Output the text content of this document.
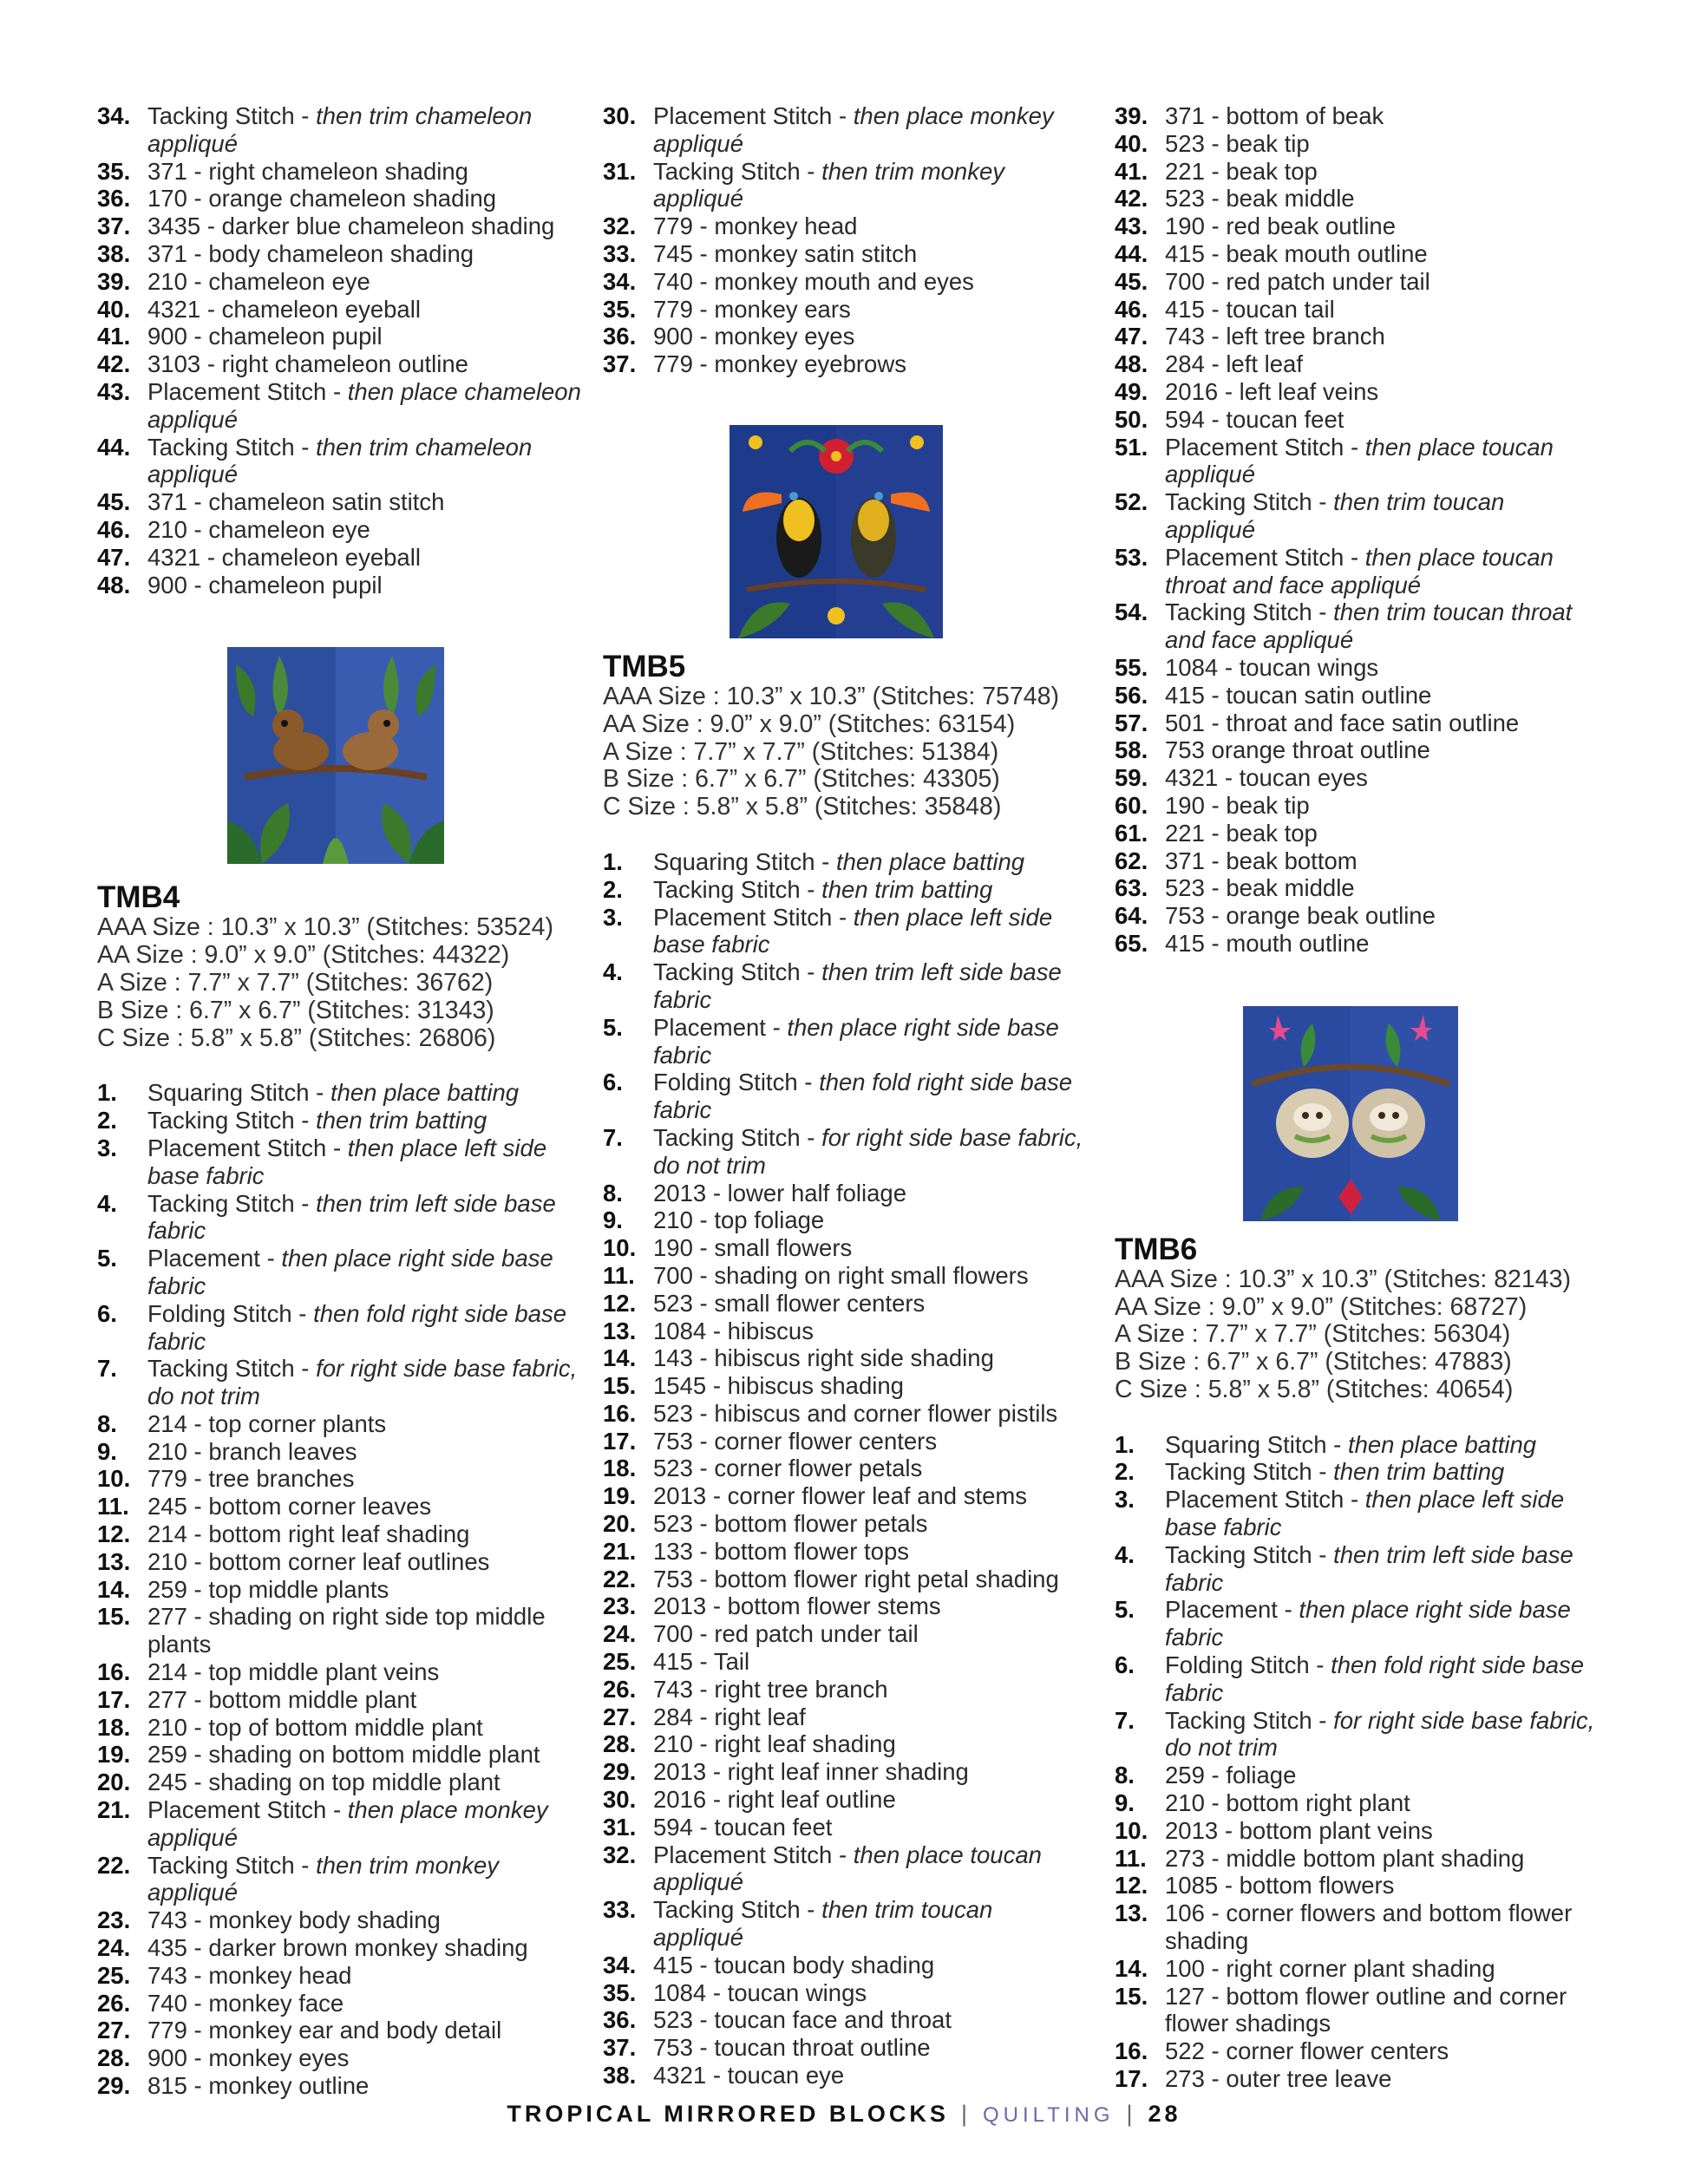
34. Tacking Stitch - then trim chameleon appliqué
35. 371 - right chameleon shading
36. 170 - orange chameleon shading
37. 3435 - darker blue chameleon shading
38. 371 - body chameleon shading
39. 210 - chameleon eye
40. 4321 - chameleon eyeball
41. 900 - chameleon pupil
42. 3103 - right chameleon outline
43. Placement Stitch - then place chameleon appliqué
44. Tacking Stitch - then trim chameleon appliqué
45. 371 - chameleon satin stitch
46. 210 - chameleon eye
47. 4321 - chameleon eyeball
48. 900 - chameleon pupil
TMB4
AAA Size : 10.3” x 10.3” (Stitches: 53524)
AA Size : 9.0” x 9.0” (Stitches: 44322)
A Size : 7.7” x 7.7” (Stitches: 36762)
B Size : 6.7” x 6.7” (Stitches: 31343)
C Size : 5.8” x 5.8” (Stitches: 26806)
1.	Squaring Stitch - then place batting
2.	Tacking Stitch - then trim batting
3.	Placement Stitch - then place left side base fabric
4.	Tacking Stitch - then trim left side base fabric
5.	Placement - then place right side base fabric
6.	Folding Stitch - then fold right side base fabric
7.	Tacking Stitch - for right side base fabric, do not trim
8.	214 - top corner plants
9.	210 - branch leaves
10. 779 - tree branches
11. 245 - bottom corner leaves
12. 214 - bottom right leaf shading
13. 210 - bottom corner leaf outlines
14. 259 - top middle plants
15. 277 - shading on right side top middle plants
16. 214 - top middle plant veins
17. 277 - bottom middle plant
18. 210 - top of bottom middle plant
19. 259 - shading on bottom middle plant
20. 245 - shading on top middle plant
21. Placement Stitch - then place monkey appliqué
22. Tacking Stitch - then trim monkey appliqué
23. 743 - monkey body shading
24. 435 - darker brown monkey shading
25. 743 - monkey head
26. 740 - monkey face
27. 779 - monkey ear and body detail
28. 900 - monkey eyes
29. 815 - monkey outline
30. Placement Stitch - then place monkey appliqué
31. Tacking Stitch - then trim monkey appliqué
32. 779 - monkey head
33. 745 - monkey satin stitch
34. 740 - monkey mouth and eyes
35. 779 - monkey ears
36. 900 - monkey eyes
37. 779 - monkey eyebrows
TMB5
AAA Size : 10.3” x 10.3” (Stitches: 75748)
AA Size : 9.0” x 9.0” (Stitches: 63154)
A Size : 7.7” x 7.7” (Stitches: 51384)
B Size : 6.7” x 6.7” (Stitches: 43305)
C Size : 5.8” x 5.8” (Stitches: 35848)
1.	Squaring Stitch - then place batting
2.	Tacking Stitch - then trim batting
3.	Placement Stitch - then place left side base fabric
4.	Tacking Stitch - then trim left side base fabric
5.	Placement - then place right side base fabric
6.	Folding Stitch - then fold right side base fabric
7.	Tacking Stitch - for right side base fabric, do not trim
8.	2013 - lower half foliage
9.	210 - top foliage
10. 190 - small flowers
11. 700 - shading on right small flowers
12. 523 - small flower centers
13. 1084 - hibiscus
14. 143 - hibiscus right side shading
15. 1545 - hibiscus shading
16. 523 - hibiscus and corner flower pistils
17. 753 - corner flower centers
18. 523 - corner flower petals
19. 2013 - corner flower leaf and stems
20. 523 - bottom flower petals
21. 133 - bottom flower tops
22. 753 - bottom flower right petal shading
23. 2013 - bottom flower stems
24. 700 - red patch under tail
25. 415 - Tail
26. 743 - right tree branch
27. 284 - right leaf
28. 210 - right leaf shading
29. 2013 - right leaf inner shading
30. 2016 - right leaf outline
31. 594 - toucan feet
32. Placement Stitch - then place toucan appliqué
33. Tacking Stitch - then trim toucan appliqué
34. 415 - toucan body shading
35. 1084 - toucan wings
36. 523 - toucan face and throat
37. 753 - toucan throat outline
38. 4321 - toucan eye
39. 371 - bottom of beak
40. 523 - beak tip
41. 221 - beak top
42. 523 - beak middle
43. 190 - red beak outline
44. 415 - beak mouth outline
45. 700 - red patch under tail
46. 415 - toucan tail
47. 743 - left tree branch
48. 284 - left leaf
49. 2016 - left leaf veins
50. 594 - toucan feet
51. Placement Stitch - then place toucan appliqué
52. Tacking Stitch - then trim toucan appliqué
53. Placement Stitch - then place toucan throat and face appliqué
54. Tacking Stitch - then trim toucan throat and face appliqué
55. 1084 - toucan wings
56. 415 - toucan satin outline
57. 501 - throat and face satin outline
58. 753 orange throat outline
59. 4321 - toucan eyes
60. 190 - beak tip
61. 221 - beak top
62. 371 - beak bottom
63. 523 - beak middle
64. 753 - orange beak outline
65. 415 - mouth outline
TMB6
AAA Size : 10.3” x 10.3” (Stitches: 82143)
AA Size : 9.0” x 9.0” (Stitches: 68727)
A Size : 7.7” x 7.7” (Stitches: 56304)
B Size : 6.7” x 6.7” (Stitches: 47883)
C Size : 5.8” x 5.8” (Stitches: 40654)
1.	Squaring Stitch - then place batting
2.	Tacking Stitch - then trim batting
3.	Placement Stitch - then place left side base fabric
4.	Tacking Stitch - then trim left side base fabric
5.	Placement - then place right side base fabric
6.	Folding Stitch - then fold right side base fabric
7.	Tacking Stitch - for right side base fabric, do not trim
8.	259 - foliage
9.	210 - bottom right plant
10. 2013 - bottom plant veins
11. 273 - middle bottom plant shading
12. 1085 - bottom flowers
13. 106 - corner flowers and bottom flower shading
14. 100 - right corner plant shading
15. 127 - bottom flower outline and corner flower shadings
16. 522 - corner flower centers
17. 273 - outer tree leave
TROPICAL MIRRORED BLOCKS | QUILTING | 28
